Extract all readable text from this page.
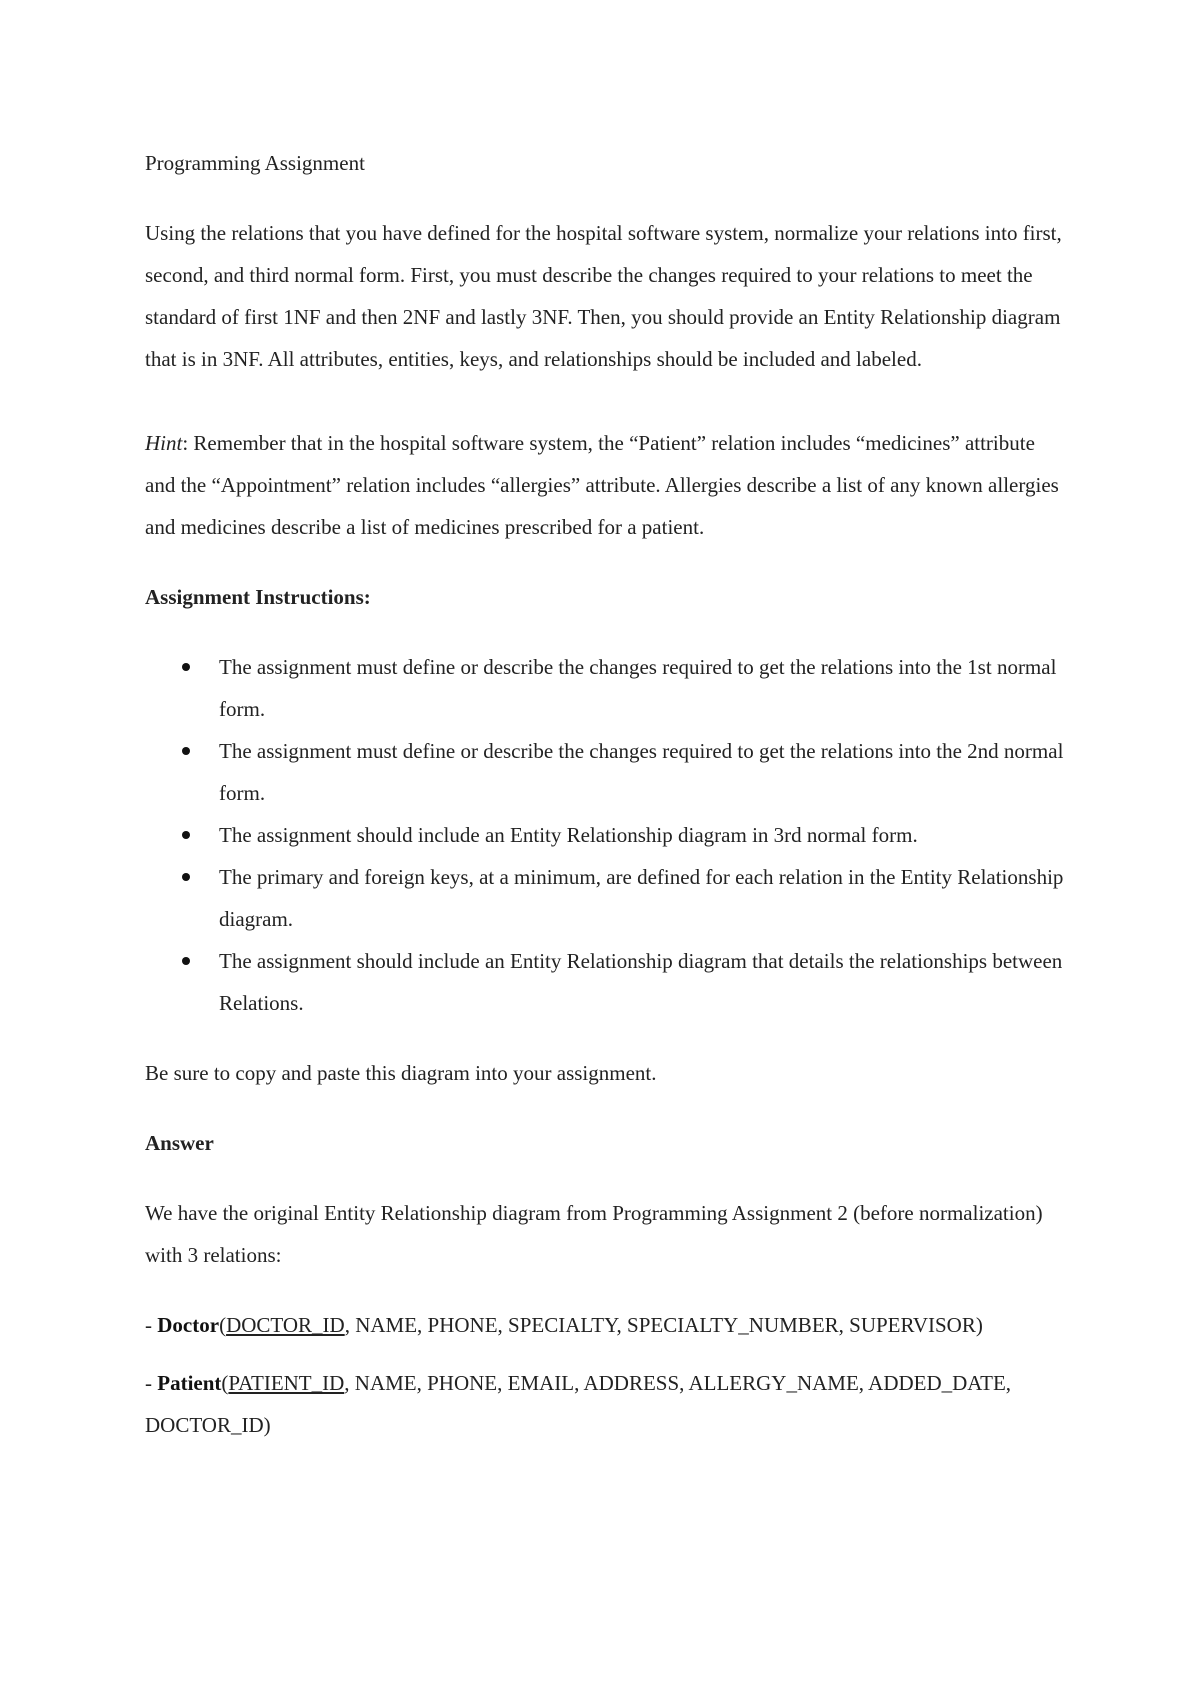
Programming Assignment

Using the relations that you have defined for the hospital software system, normalize your relations into first, second, and third normal form. First, you must describe the changes required to your relations to meet the standard of first 1NF and then 2NF and lastly 3NF. Then, you should provide an Entity Relationship diagram that is in 3NF. All attributes, entities, keys, and relationships should be included and labeled.

Hint: Remember that in the hospital software system, the “Patient” relation includes “medicines” attribute and the “Appointment” relation includes “allergies” attribute. Allergies describe a list of any known allergies and medicines describe a list of medicines prescribed for a patient.

Assignment Instructions:

The assignment must define or describe the changes required to get the relations into the 1st normal form.
The assignment must define or describe the changes required to get the relations into the 2nd normal form.
The assignment should include an Entity Relationship diagram in 3rd normal form.
The primary and foreign keys, at a minimum, are defined for each relation in the Entity Relationship diagram.
The assignment should include an Entity Relationship diagram that details the relationships between Relations.

Be sure to copy and paste this diagram into your assignment.

Answer

We have the original Entity Relationship diagram from Programming Assignment 2 (before normalization) with 3 relations:

- Doctor(DOCTOR_ID, NAME, PHONE, SPECIALTY, SPECIALTY_NUMBER, SUPERVISOR)

- Patient(PATIENT_ID, NAME, PHONE, EMAIL, ADDRESS, ALLERGY_NAME, ADDED_DATE, DOCTOR_ID)
